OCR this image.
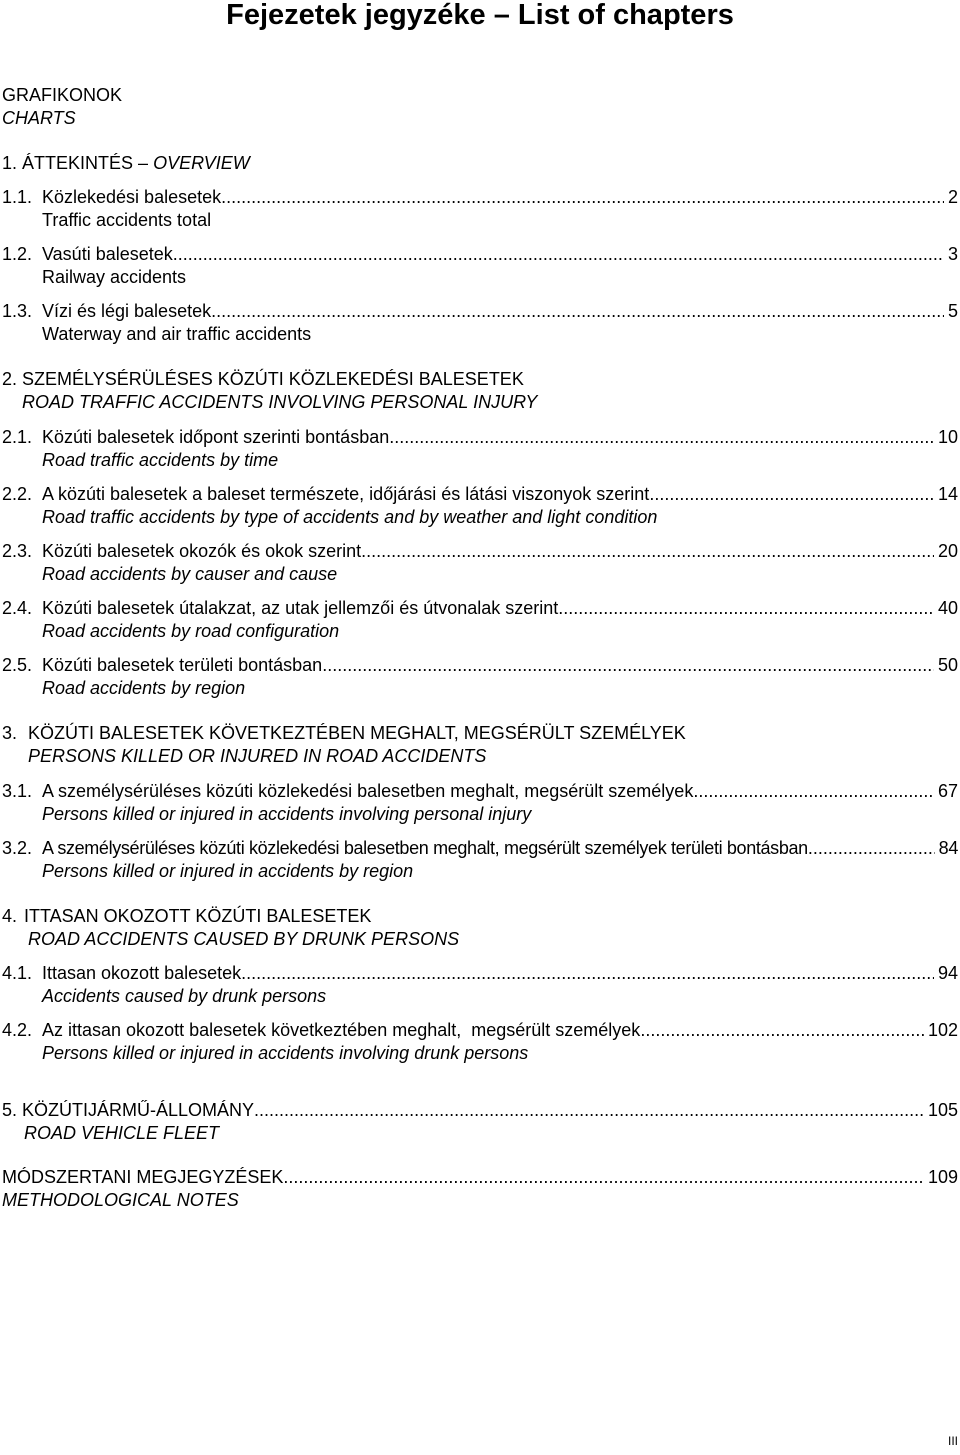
Fejezetek jegyzéke – List of chapters
GRAFIKONOK
CHARTS
1. ÁTTEKINTÉS – OVERVIEW
1.1. Közlekedési balesetek .....	2
Traffic accidents total
1.2. Vasúti balesetek .....	3
Railway accidents
1.3. Vízi és légi balesetek .....	5
Waterway and air traffic accidents
2. SZEMÉLYSÉRÜLÉSES KÖZÚTI KÖZLEKEDÉSI BALESETEK
ROAD TRAFFIC ACCIDENTS INVOLVING PERSONAL INJURY
2.1. Közúti balesetek időpont szerinti bontásban .....	10
Road traffic accidents by time
2.2. A közúti balesetek a baleset természete, időjárási és látási viszonyok szerint .....	14
Road traffic accidents by type of accidents and by weather and light condition
2.3. Közúti balesetek okozók és okok szerint .....	20
Road accidents by causer and cause
2.4. Közúti balesetek útalakzat, az utak jellemzői és útvonalak szerint .....	40
Road accidents by road configuration
2.5. Közúti balesetek területi bontásban .....	50
Road accidents by region
3. KÖZÚTI BALESETEK KÖVETKEZTÉBEN MEGHALT, MEGSÉRÜLT SZEMÉLYEK
PERSONS KILLED OR INJURED IN ROAD ACCIDENTS
3.1. A személysérüléses közúti közlekedési balesetben meghalt, megsérült személyek .....	67
Persons killed or injured in accidents involving personal injury
3.2. A személysérüléses közúti közlekedési balesetben meghalt, megsérült személyek területi bontásban .....	84
Persons killed or injured in accidents by region
4. ITTASAN OKOZOTT KÖZÚTI BALESETEK
ROAD ACCIDENTS CAUSED BY DRUNK PERSONS
4.1. Ittasan okozott balesetek .....	94
Accidents caused by drunk persons
4.2. Az ittasan okozott balesetek következtében meghalt,  megsérült személyek .....	102
Persons killed or injured in accidents involving drunk persons
5. KÖZÚTIJÁRMŰ-ÁLLOMÁNY .....	105
ROAD VEHICLE FLEET
MÓDSZERTANI MEGJEGYZÉSEK .....	109
METHODOLOGICAL NOTES
III
